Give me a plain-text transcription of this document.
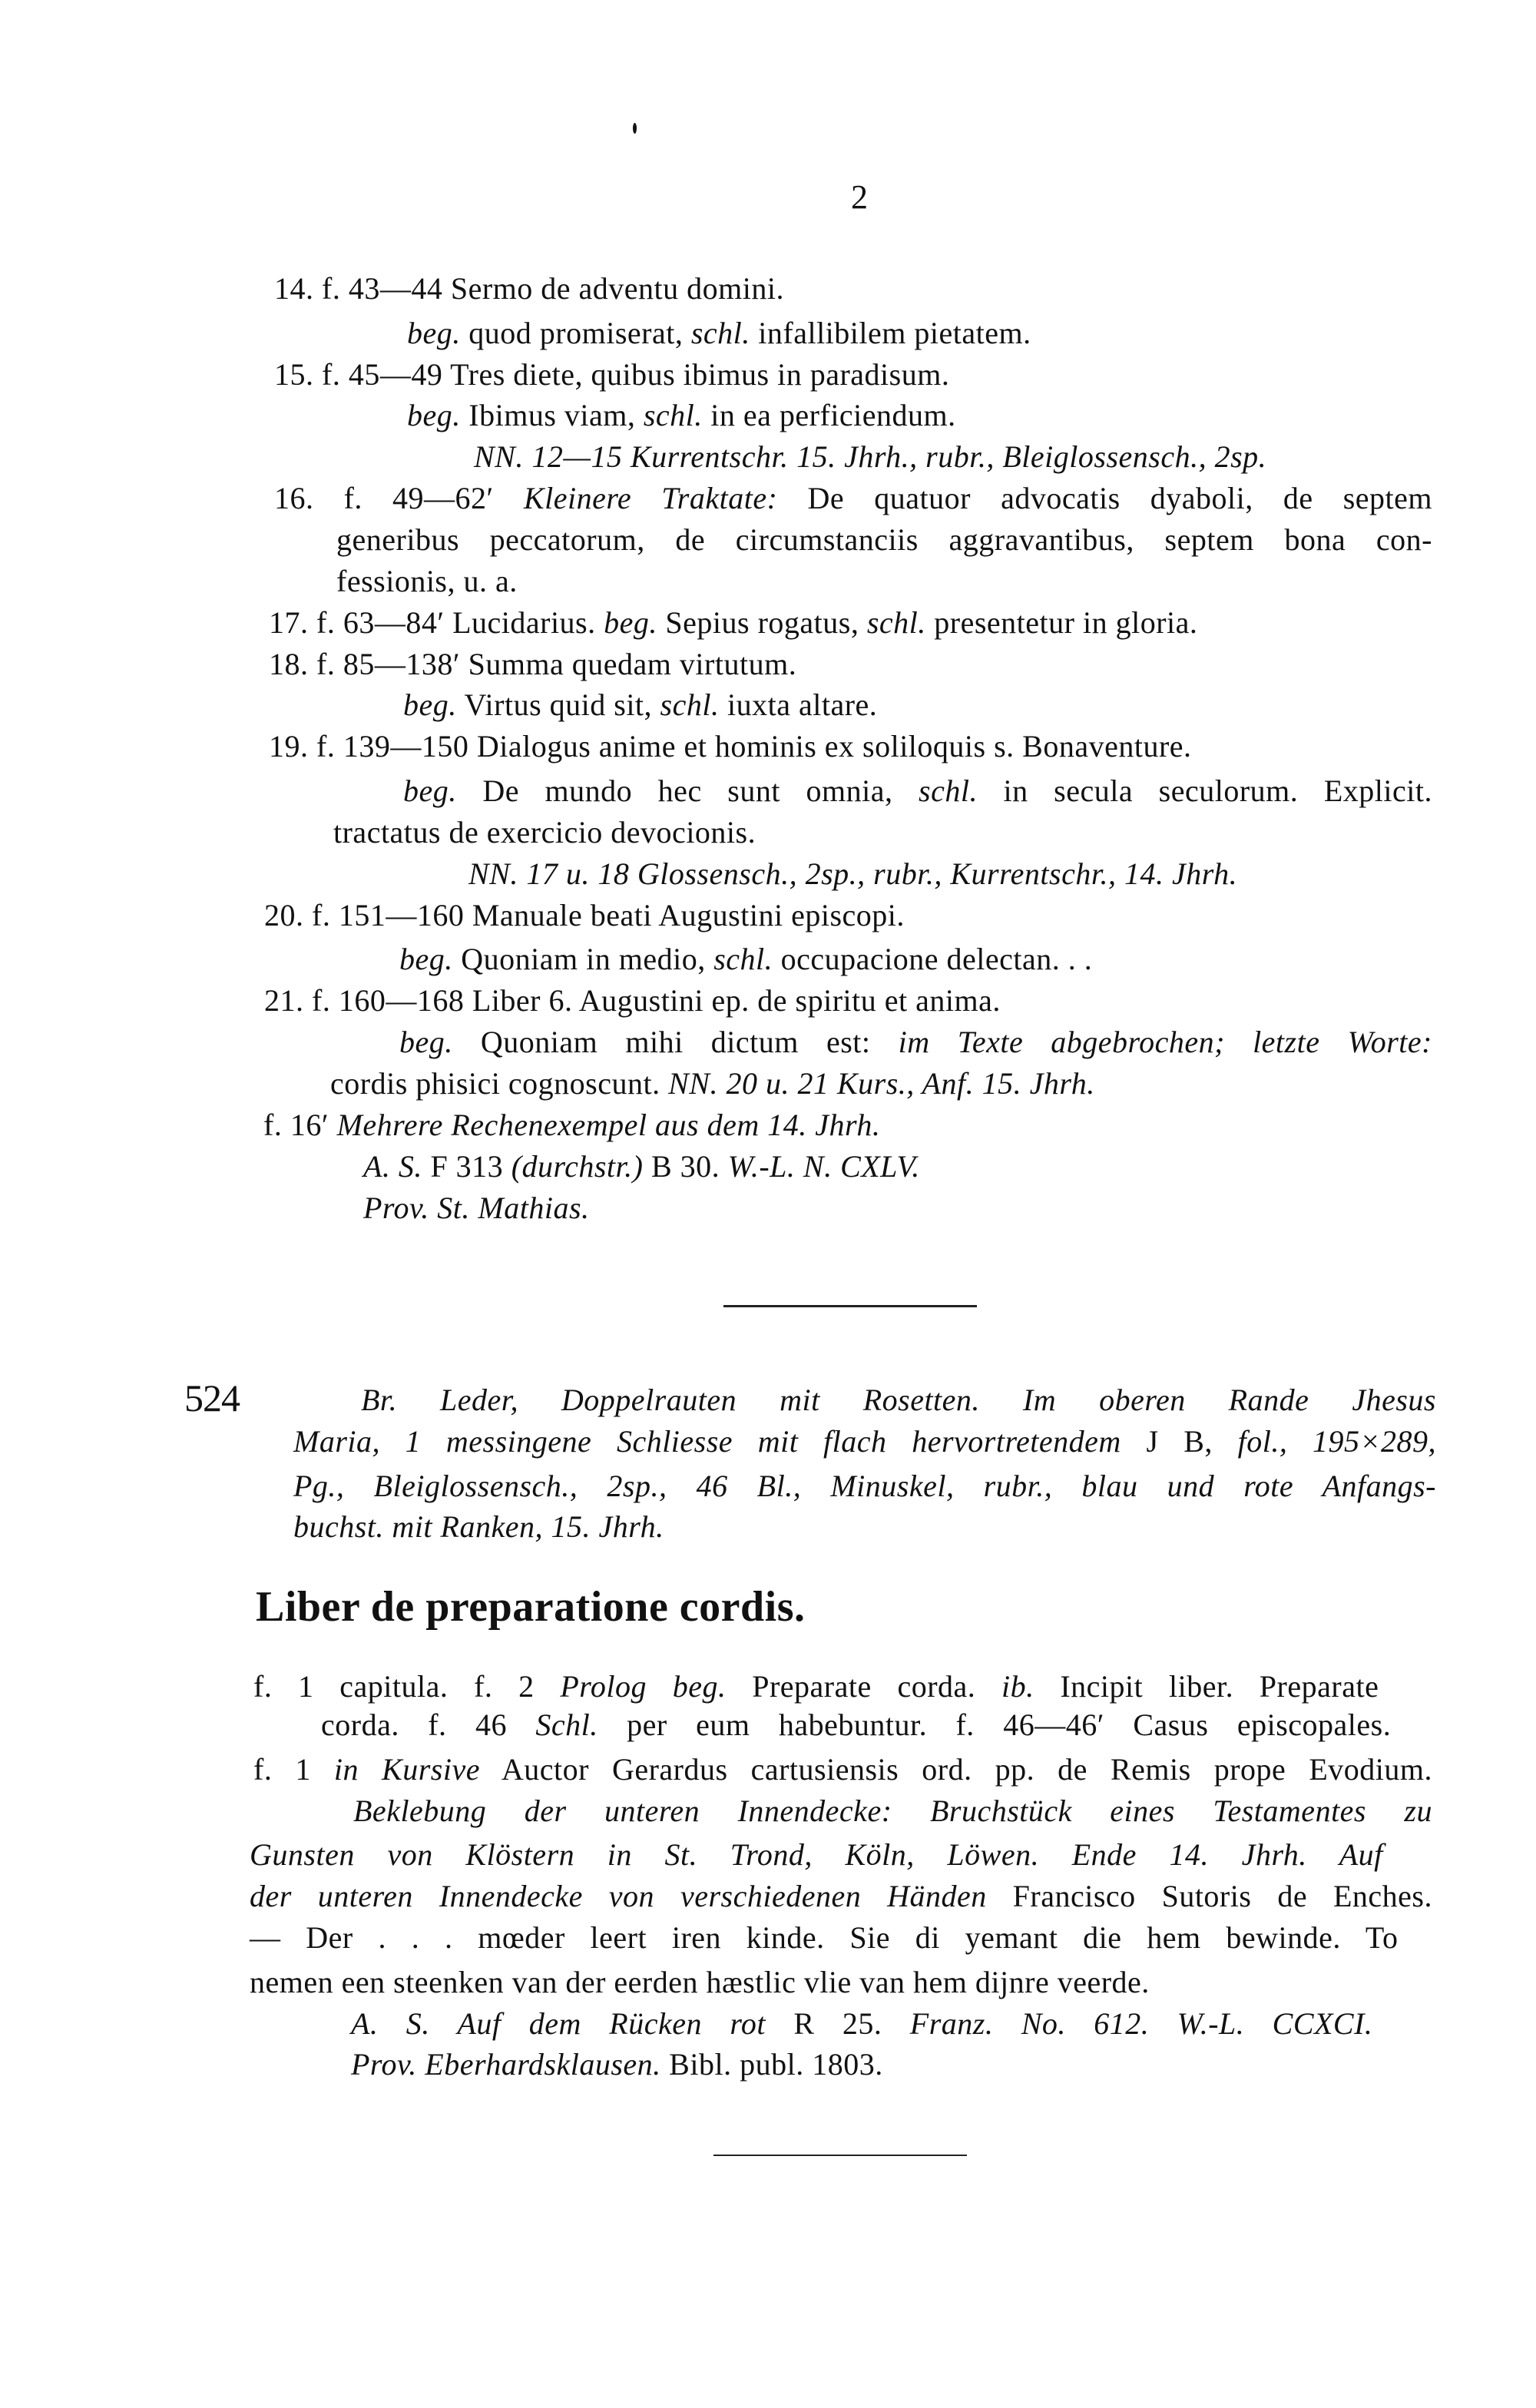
2
14. f. 43—44 Sermo de adventu domini.
beg. quod promiserat, schl. infallibilem pietatem.
15. f. 45—49 Tres diete, quibus ibimus in paradisum.
beg. Ibimus viam, schl. in ea perficiendum.
NN. 12—15 Kurrentschr. 15. Jhrh., rubr., Bleiglossensch., 2sp.
16. f. 49—62′ Kleinere Traktate: De quatuor advocatis dyaboli, de septem
generibus peccatorum, de circumstanciis aggravantibus, septem bona con-
fessionis, u. a.
17. f. 63—84′ Lucidarius. beg. Sepius rogatus, schl. presentetur in gloria.
18. f. 85—138′ Summa quedam virtutum.
beg. Virtus quid sit, schl. iuxta altare.
19. f. 139—150 Dialogus anime et hominis ex soliloquis s. Bonaventure.
beg. De mundo hec sunt omnia, schl. in secula seculorum. Explicit.
tractatus de exercicio devocionis.
NN. 17 u. 18 Glossensch., 2sp., rubr., Kurrentschr., 14. Jhrh.
20. f. 151—160 Manuale beati Augustini episcopi.
beg. Quoniam in medio, schl. occupacione delectan. . .
21. f. 160—168 Liber 6. Augustini ep. de spiritu et anima.
beg. Quoniam mihi dictum est: im Texte abgebrochen; letzte Worte:
cordis phisici cognoscunt. NN. 20 u. 21 Kurs., Anf. 15. Jhrh.
f. 16′ Mehrere Rechenexempel aus dem 14. Jhrh.
A. S. F 313 (durchstr.) B 30. W.-L. N. CXLV.
Prov. St. Mathias.
524	Br. Leder, Doppelrauten mit Rosetten. Im oberen Rande Jhesus
Maria, 1 messingene Schliesse mit flach hervortretendem J B, fol., 195×289,
Pg., Bleiglossensch., 2sp., 46 Bl., Minuskel, rubr., blau und rote Anfangs-
buchst. mit Ranken, 15. Jhrh.
Liber de preparatione cordis.
f. 1 capitula. f. 2 Prolog beg. Preparate corda. ib. Incipit liber. Preparate
corda. f. 46 Schl. per eum habebuntur. f. 46—46′ Casus episcopales.
f. 1 in Kursive Auctor Gerardus cartusiensis ord. pp. de Remis prope Evodium.
Beklebung der unteren Innendecke: Bruchstück eines Testamentes zu
Gunsten von Klöstern in St. Trond, Köln, Löwen. Ende 14. Jhrh. Auf
der unteren Innendecke von verschiedenen Händen Francisco Sutoris de Enches.
— Der . . . mœder leert iren kinde. Sie di yemant die hem bewinde. To
nemen een steenken van der eerden hæstlic vlie van hem dijnre veerde.
A. S. Auf dem Rücken rot R 25. Franz. No. 612. W.-L. CCXCI.
Prov. Eberhardsklausen. Bibl. publ. 1803.
